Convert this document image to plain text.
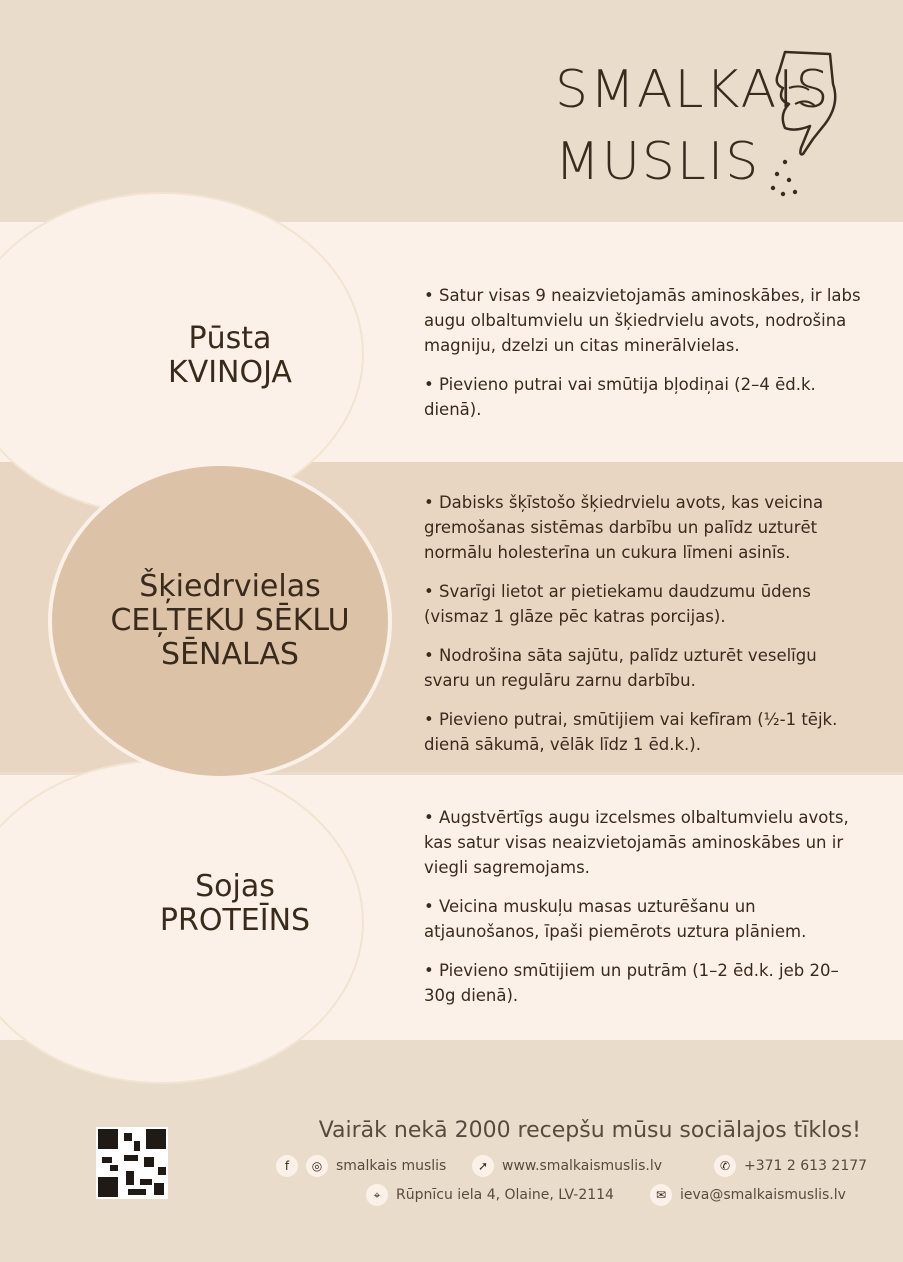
SMALKAIS
MUSLIS
Pūsta
KVINOJA

• Satur visas 9 neaizvietojamās aminoskābes, ir labs augu olbaltumvielu un šķiedrvielu avots, nodrošina magniju, dzelzi un citas minerālvielas.

• Pievieno putrai vai smūtija bļodiņai (2–4 ēd.k. dienā).

Šķiedrvielas
CEĻTEKU SĒKLU
SĒNALAS

• Dabisks šķīstošo šķiedrvielu avots, kas veicina gremošanas sistēmas darbību un palīdz uzturēt normālu holesterīna un cukura līmeni asinīs.

• Svarīgi lietot ar pietiekamu daudzumu ūdens (vismaz 1 glāze pēc katras porcijas).

• Nodrošina sāta sajūtu, palīdz uzturēt veselīgu svaru un regulāru zarnu darbību.

• Pievieno putrai, smūtijiem vai kefīram (½-1 tējk. dienā sākumā, vēlāk līdz 1 ēd.k.).

Sojas
PROTEĪNS

• Augstvērtīgs augu izcelsmes olbaltumvielu avots, kas satur visas neaizvietojamās aminoskābes un ir viegli sagremojams.

• Veicina muskuļu masas uzturēšanu un atjaunošanos, īpaši piemērots uztura plāniem.

• Pievieno smūtijiem un putrām (1–2 ēd.k. jeb 20–30g dienā).

Vairāk nekā 2000 recepšu mūsu sociālajos tīklos!
f	◎ smalkais muslis	➚ www.smalkaismuslis.lv	✆ +371 2 613 2177
⌖	Rūpnīcu iela 4, Olaine, LV-2114	✉ ieva@smalkaismuslis.lv
